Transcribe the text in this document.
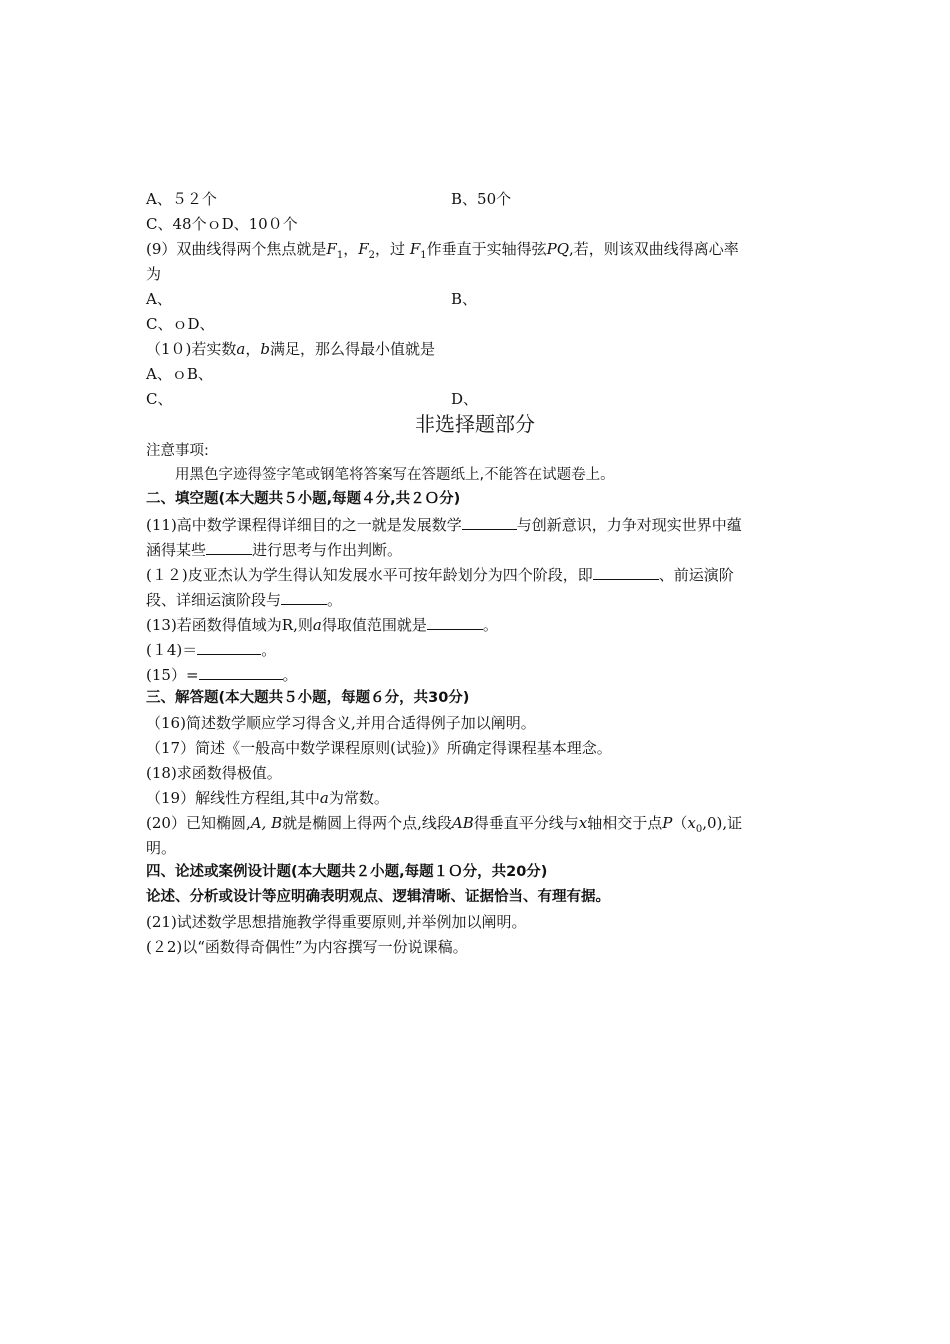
A、５２个	B、50个
C、48个ｏD、10０个
(9）双曲线得两个焦点就是$F_1$，$F_2$，过 $F_1$作垂直于实轴得弦PQ,若，则该双曲线得离心率
为
A、	B、
C、ｏD、
（1０)若实数a，b满足，那么得最小值就是
A、ｏB、
C、	D、
非选择题部分
注意事项:
用黑色字迹得签字笔或钢笔将答案写在答题纸上,不能答在试题卷上。
二、填空题(本大题共５小题,每题４分,共２Ｏ分)
(11)高中数学课程得详细目的之一就是发展数学	与创新意识，力争对现实世界中蕴
涵得某些	进行思考与作出判断。
(１２)皮亚杰认为学生得认知发展水平可按年龄划分为四个阶段，即	、前运演阶
段、详细运演阶段与	。
(13)若函数得值域为R,则a得取值范围就是	。
(１4)＝	。
(15）=	。
三、解答题(本大题共５小题，每题６分，共30分)
（16)简述数学顺应学习得含义,并用合适得例子加以阐明。
（17）简述《一般高中数学课程原则(试验)》所确定得课程基本理念。
(18)求函数得极值。
（19）解线性方程组,其中a为常数。
(20）已知椭圆,A, B就是椭圆上得两个点,线段AB得垂直平分线与x轴相交于点$P(x_0,0)$,证
明。
四、论述或案例设计题(本大题共２小题,每题１Ｏ分，共20分)
论述、分析或设计等应明确表明观点、逻辑清晰、证据恰当、有理有据。
(21)试述数学思想措施教学得重要原则,并举例加以阐明。
(２2)以“函数得奇偶性”为内容撰写一份说课稿。
